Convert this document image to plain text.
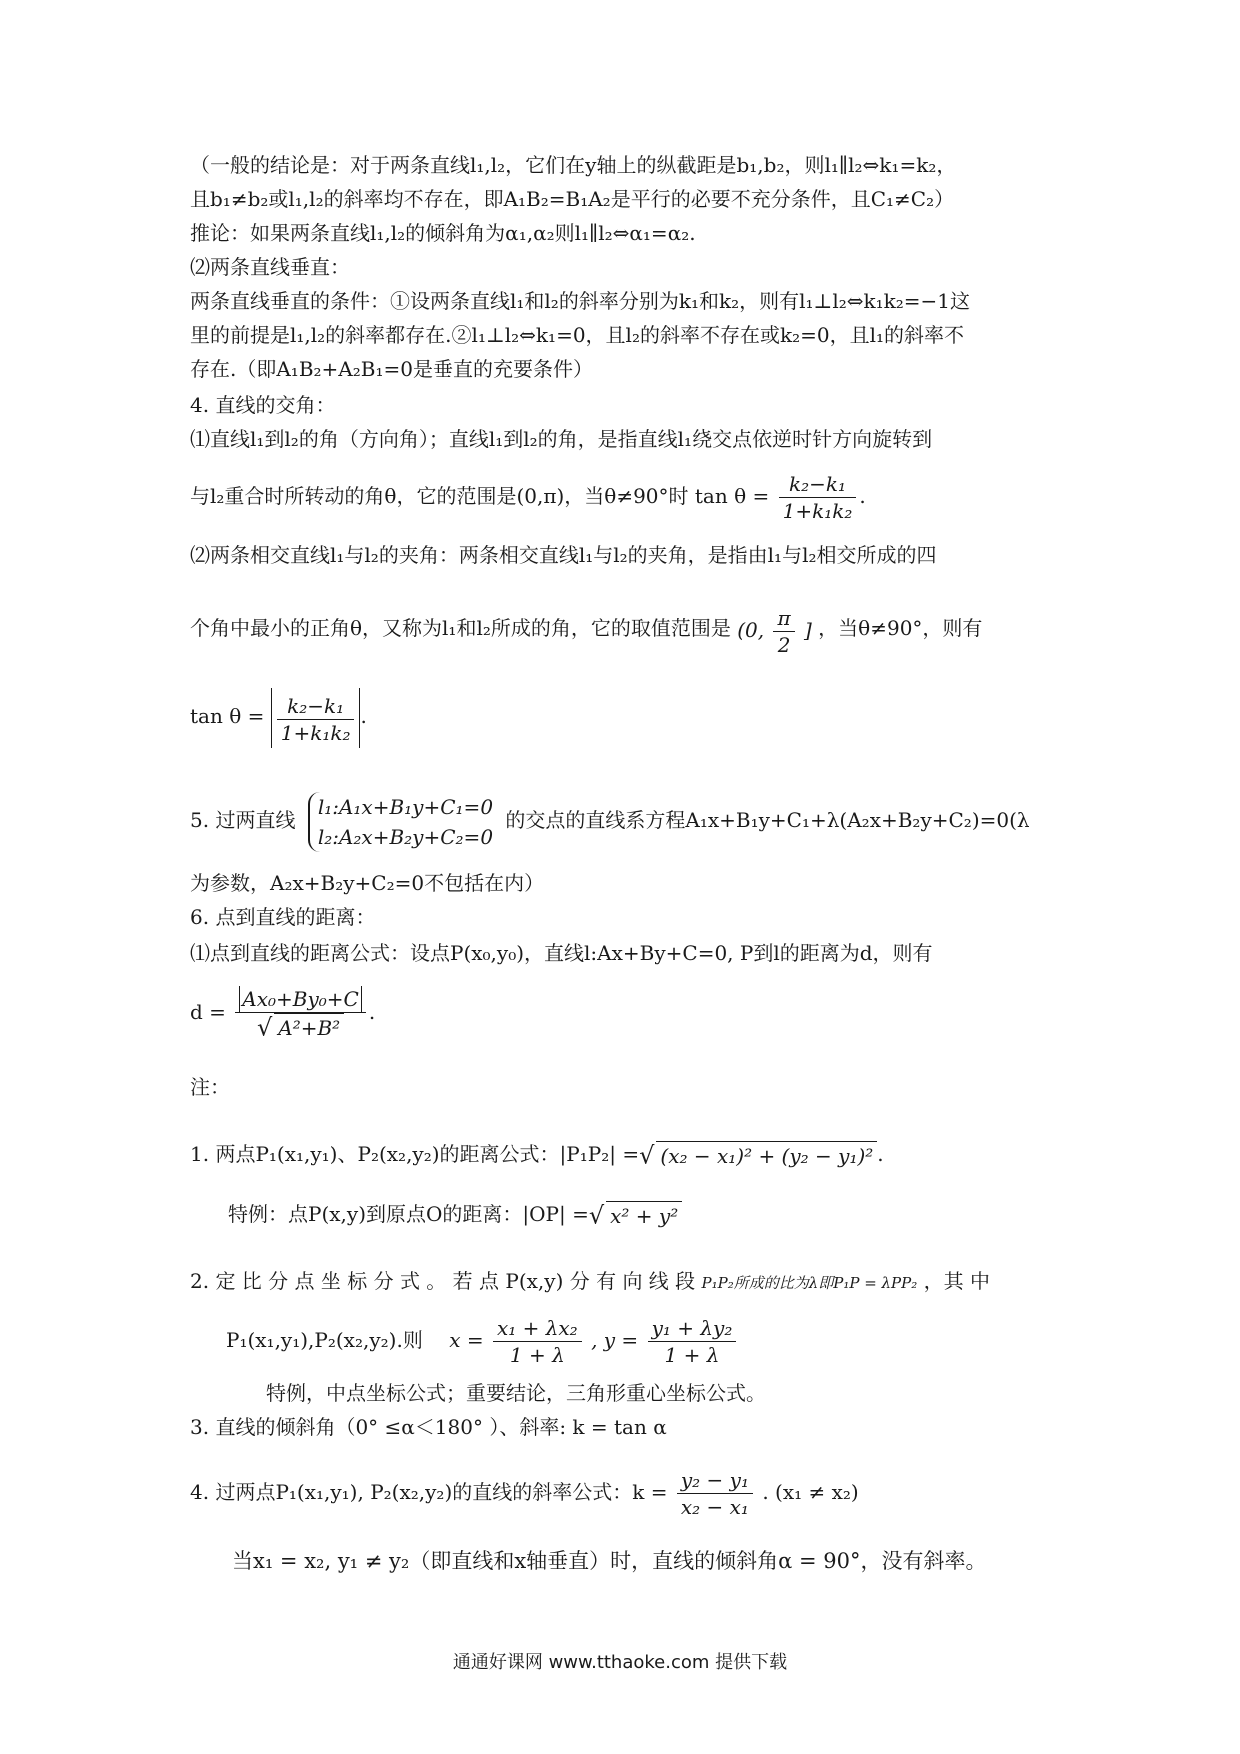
（一般的结论是：对于两条直线l₁,l₂，它们在y轴上的纵截距是b₁,b₂，则l₁∥l₂⇔k₁=k₂，
且b₁≠b₂或l₁,l₂的斜率均不存在，即A₁B₂=B₁A₂是平行的必要不充分条件，且C₁≠C₂）
推论：如果两条直线l₁,l₂的倾斜角为α₁,α₂则l₁∥l₂⇔α₁=α₂.
⑵两条直线垂直：
两条直线垂直的条件：①设两条直线l₁和l₂的斜率分别为k₁和k₂，则有l₁⊥l₂⇔k₁k₂=−1这
里的前提是l₁,l₂的斜率都存在.②l₁⊥l₂⇔k₁=0，且l₂的斜率不存在或k₂=0，且l₁的斜率不
存在.（即A₁B₂+A₂B₁=0是垂直的充要条件）
4. 直线的交角：
⑴直线l₁到l₂的角（方向角）；直线l₁到l₂的角，是指直线l₁绕交点依逆时针方向旋转到
与l₂重合时所转动的角θ，它的范围是(0,π)，当θ≠90°时 $\tan \theta = \frac{\text{k₂−k₁}}{\text{1+k₁k₂}}$ .
⑵两条相交直线l₁与l₂的夹角：两条相交直线l₁与l₂的夹角，是指由l₁与l₂相交所成的四
个角中最小的正角θ，又称为l₁和l₂所成的角，它的取值范围是 (0, $\frac{\pi}{2}$ ] ，当θ≠90°，则有
$\tan \theta = \frac{\text{k₂−k₁}}{\text{1+k₁k₂}}$ .
5. 过两直线
l₁:A₁x+B₁y+C₁=0
l₂:A₂x+B₂y+C₂=0
的交点的直线系方程A₁x+B₁y+C₁+λ(A₂x+B₂y+C₂)=0(λ
为参数，A₂x+B₂y+C₂=0不包括在内）
6. 点到直线的距离：
⑴点到直线的距离公式：设点P(x₀,y₀)，直线l:Ax+By+C=0, P到l的距离为d，则有
$d = \frac{\text{Ax₀+By₀+C}}{\text{√ A²+B²}}$ .
注：
1. 两点P₁(x₁,y₁)、P₂(x₂,y₂)的距离公式：|P₁P₂| =√ (x₂ − x₁)² + (y₂ − y₁)² .
特例：点P(x,y)到原点O的距离：|OP| =√ x² + y²
2. 定 比 分 点 坐 标 分 式 。 若 点 P(x,y) 分 有 向 线 段 P₁P₂所成的比为λ即P₁P = λPP₂ ，其 中
P₁(x₁,y₁),P₂(x₂,y₂).则 $x = \frac{\text{x₁ + λx₂}}{1 + \lambda}$ , $y = \frac{\text{y₁ + λy₂}}{1 + \lambda}$
特例，中点坐标公式；重要结论，三角形重心坐标公式。
3. 直线的倾斜角（0° ≤α＜180° ）、斜率: k = tan α
4. 过两点P₁(x₁,y₁), P₂(x₂,y₂)的直线的斜率公式：$k = \frac{\text{y₂ − y₁}}{\text{x₂ − x₁}}$ . (x₁ ≠ x₂)
当x₁ = x₂, y₁ ≠ y₂（即直线和x轴垂直）时，直线的倾斜角α = 90°，没有斜率。
通通好课网 www.tthaoke.com 提供下载
